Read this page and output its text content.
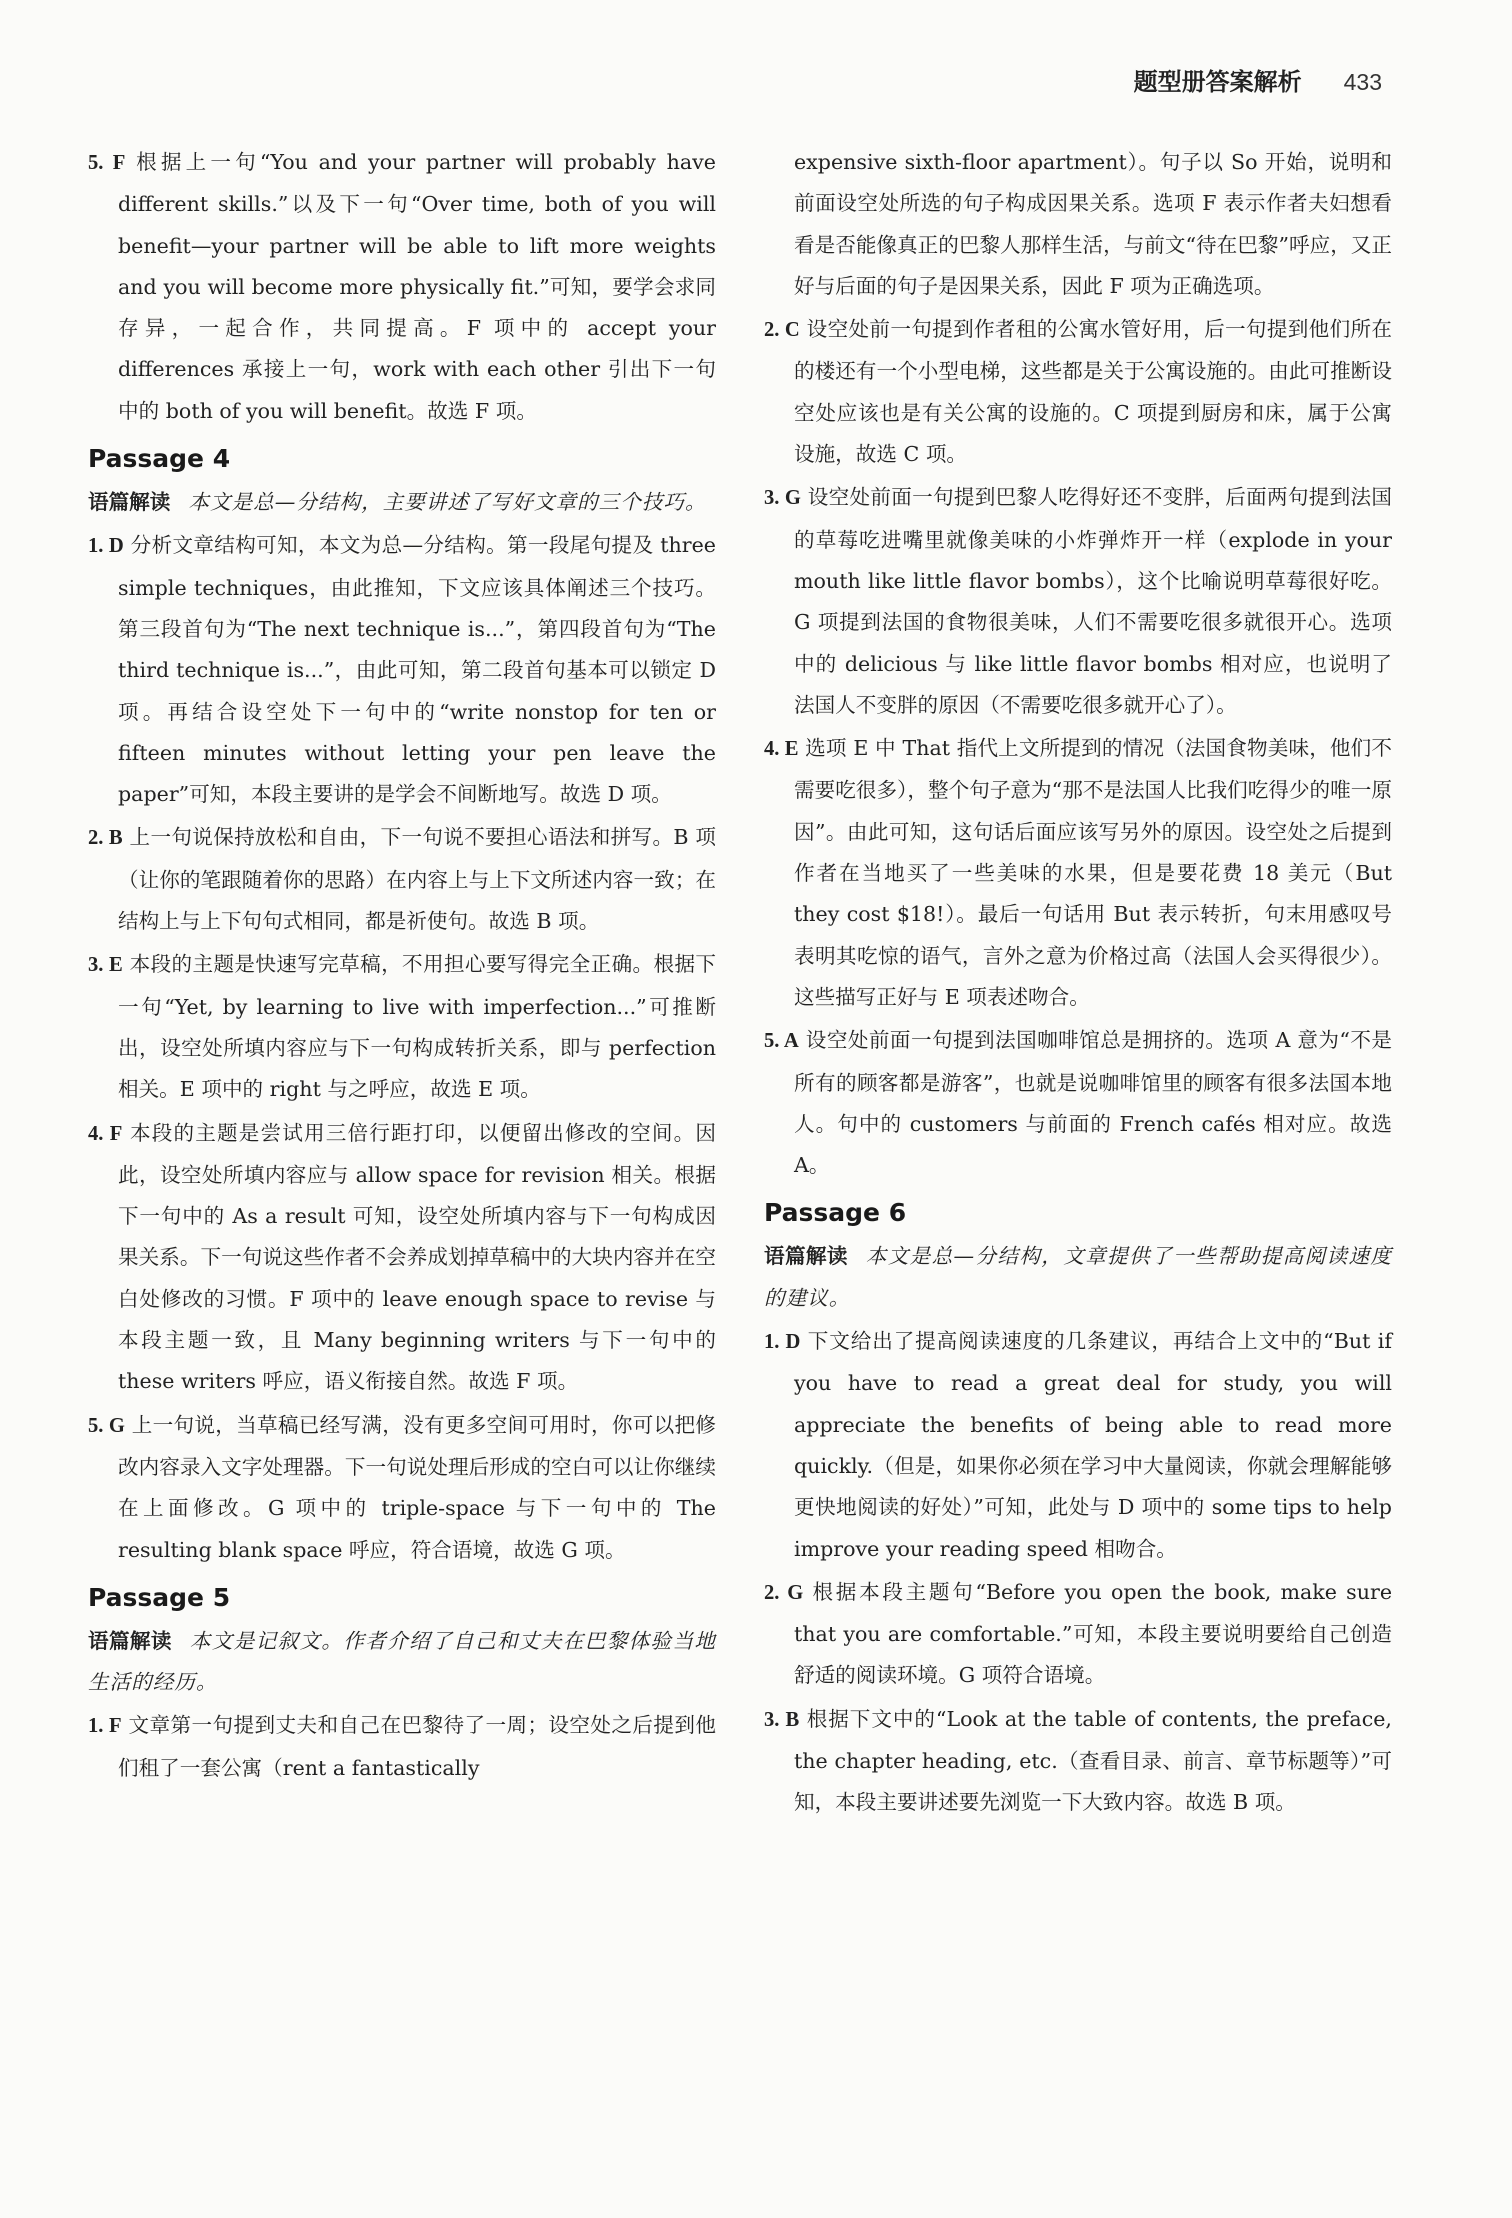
题型册答案解析 433

5. F 根据上一句“You and your partner will probably have different skills.”以及下一句“Over time, both of you will benefit—your partner will be able to lift more weights and you will become more physically fit.”可知，要学会求同存异，一起合作，共同提高。F 项中的 accept your differences 承接上一句，work with each other 引出下一句中的 both of you will benefit。故选 F 项。

Passage 4

语篇解读 本文是总—分结构，主要讲述了写好文章的三个技巧。

1. D 分析文章结构可知，本文为总—分结构。第一段尾句提及 three simple techniques，由此推知，下文应该具体阐述三个技巧。第三段首句为“The next technique is...”，第四段首句为“The third technique is...”，由此可知，第二段首句基本可以锁定 D 项。再结合设空处下一句中的“write nonstop for ten or fifteen minutes without letting your pen leave the paper”可知，本段主要讲的是学会不间断地写。故选 D 项。

2. B 上一句说保持放松和自由，下一句说不要担心语法和拼写。B 项（让你的笔跟随着你的思路）在内容上与上下文所述内容一致；在结构上与上下句句式相同，都是祈使句。故选 B 项。

3. E 本段的主题是快速写完草稿，不用担心要写得完全正确。根据下一句“Yet, by learning to live with imperfection...”可推断出，设空处所填内容应与下一句构成转折关系，即与 perfection 相关。E 项中的 right 与之呼应，故选 E 项。

4. F 本段的主题是尝试用三倍行距打印，以便留出修改的空间。因此，设空处所填内容应与 allow space for revision 相关。根据下一句中的 As a result 可知，设空处所填内容与下一句构成因果关系。下一句说这些作者不会养成划掉草稿中的大块内容并在空白处修改的习惯。F 项中的 leave enough space to revise 与本段主题一致，且 Many beginning writers 与下一句中的 these writers 呼应，语义衔接自然。故选 F 项。

5. G 上一句说，当草稿已经写满，没有更多空间可用时，你可以把修改内容录入文字处理器。下一句说处理后形成的空白可以让你继续在上面修改。G 项中的 triple-space 与下一句中的 The resulting blank space 呼应，符合语境，故选 G 项。

Passage 5

语篇解读 本文是记叙文。作者介绍了自己和丈夫在巴黎体验当地生活的经历。

1. F 文章第一句提到丈夫和自己在巴黎待了一周；设空处之后提到他们租了一套公寓（rent a fantastically

expensive sixth-floor apartment）。句子以 So 开始，说明和前面设空处所选的句子构成因果关系。选项 F 表示作者夫妇想看看是否能像真正的巴黎人那样生活，与前文“待在巴黎”呼应，又正好与后面的句子是因果关系，因此 F 项为正确选项。

2. C 设空处前一句提到作者租的公寓水管好用，后一句提到他们所在的楼还有一个小型电梯，这些都是关于公寓设施的。由此可推断设空处应该也是有关公寓的设施的。C 项提到厨房和床，属于公寓设施，故选 C 项。

3. G 设空处前面一句提到巴黎人吃得好还不变胖，后面两句提到法国的草莓吃进嘴里就像美味的小炸弹炸开一样（explode in your mouth like little flavor bombs），这个比喻说明草莓很好吃。G 项提到法国的食物很美味，人们不需要吃很多就很开心。选项中的 delicious 与 like little flavor bombs 相对应，也说明了法国人不变胖的原因（不需要吃很多就开心了）。

4. E 选项 E 中 That 指代上文所提到的情况（法国食物美味，他们不需要吃很多），整个句子意为“那不是法国人比我们吃得少的唯一原因”。由此可知，这句话后面应该写另外的原因。设空处之后提到作者在当地买了一些美味的水果，但是要花费 18 美元（But they cost $18!）。最后一句话用 But 表示转折，句末用感叹号表明其吃惊的语气，言外之意为价格过高（法国人会买得很少）。这些描写正好与 E 项表述吻合。

5. A 设空处前面一句提到法国咖啡馆总是拥挤的。选项 A 意为“不是所有的顾客都是游客”，也就是说咖啡馆里的顾客有很多法国本地人。句中的 customers 与前面的 French cafés 相对应。故选 A。

Passage 6

语篇解读 本文是总—分结构，文章提供了一些帮助提高阅读速度的建议。

1. D 下文给出了提高阅读速度的几条建议，再结合上文中的“But if you have to read a great deal for study, you will appreciate the benefits of being able to read more quickly.（但是，如果你必须在学习中大量阅读，你就会理解能够更快地阅读的好处）”可知，此处与 D 项中的 some tips to help improve your reading speed 相吻合。

2. G 根据本段主题句“Before you open the book, make sure that you are comfortable.”可知，本段主要说明要给自己创造舒适的阅读环境。G 项符合语境。

3. B 根据下文中的“Look at the table of contents, the preface, the chapter heading, etc.（查看目录、前言、章节标题等）”可知，本段主要讲述要先浏览一下大致内容。故选 B 项。
